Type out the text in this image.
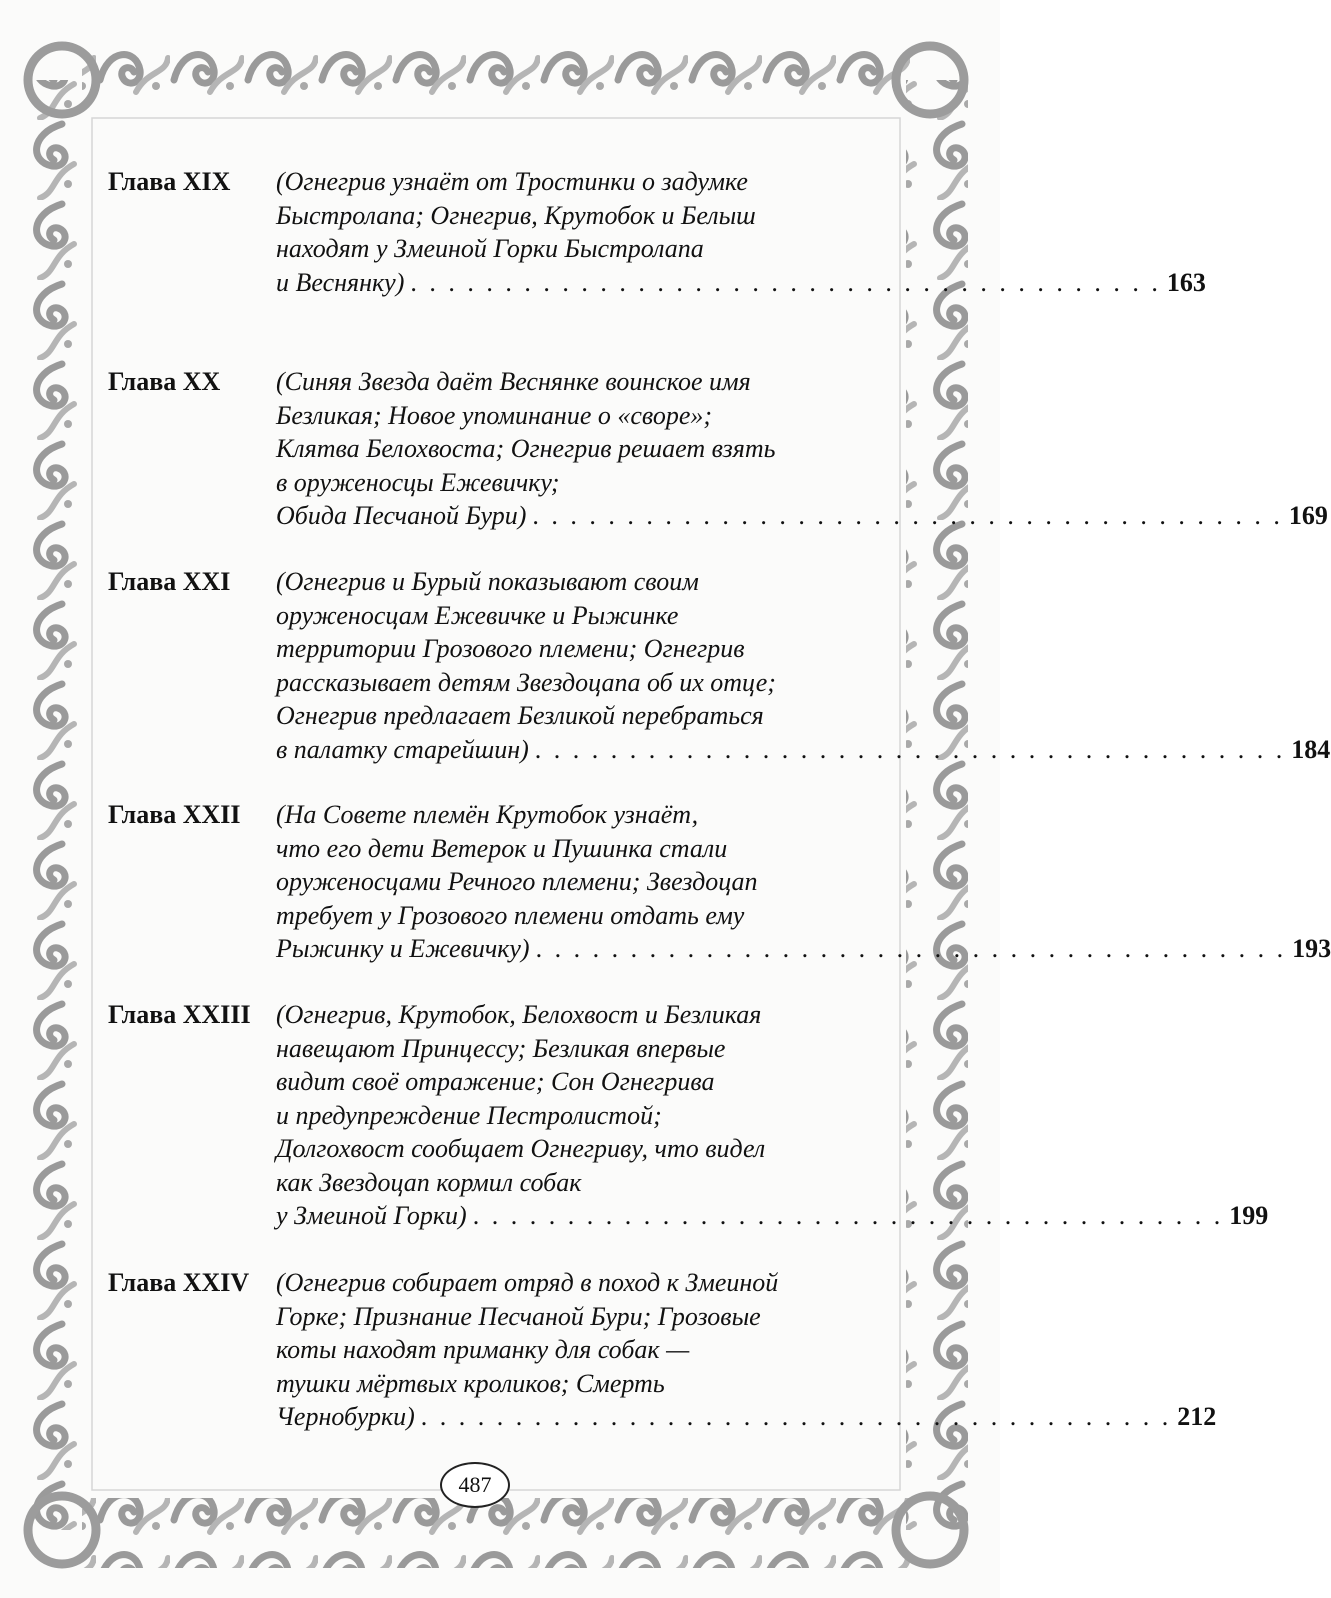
Глава XIX (Огнегрив узнаёт от Тростинки о задумке
Быстролапа; Огнегрив, Крутобок и Белыш
находят у Змеиной Горки Быстролапа
и Веснянку) . . . . . . . . . . . . . . . . . . . . . . . . . . . . . . . . . . . . . . . . 163
Глава XX (Синяя Звезда даёт Веснянке воинское имя
Безликая; Новое упоминание о «своре»;
Клятва Белохвоста; Огнегрив решает взять
в оруженосцы Ежевичку;
Обида Песчаной Бури) . . . . . . . . . . . . . . . . . . . . . . . . . . . . . . . . . . . . . . . . 169
Глава XXI (Огнегрив и Бурый показывают своим
оруженосцам Ежевичке и Рыжинке
территории Грозового племени; Огнегрив
рассказывает детям Звездоцапа об их отце;
Огнегрив предлагает Безликой перебраться
в палатку старейшин) . . . . . . . . . . . . . . . . . . . . . . . . . . . . . . . . . . . . . . . . 184
Глава XXII (На Совете племён Крутобок узнаёт,
что его дети Ветерок и Пушинка стали
оруженосцами Речного племени; Звездоцап
требует у Грозового племени отдать ему
Рыжинку и Ежевичку) . . . . . . . . . . . . . . . . . . . . . . . . . . . . . . . . . . . . . . . . 193
Глава XXIII (Огнегрив, Крутобок, Белохвост и Безликая
навещают Принцессу; Безликая впервые
видит своё отражение; Сон Огнегрива
и предупреждение Пестролистой;
Долгохвост сообщает Огнегриву, что видел
как Звездоцап кормил собак
у Змеиной Горки) . . . . . . . . . . . . . . . . . . . . . . . . . . . . . . . . . . . . . . . . 199
Глава XXIV (Огнегрив собирает отряд в поход к Змеиной
Горке; Признание Песчаной Бури; Грозовые
коты находят приманку для собак —
тушки мёртвых кроликов; Смерть
Чернобурки) . . . . . . . . . . . . . . . . . . . . . . . . . . . . . . . . . . . . . . . . 212
487
